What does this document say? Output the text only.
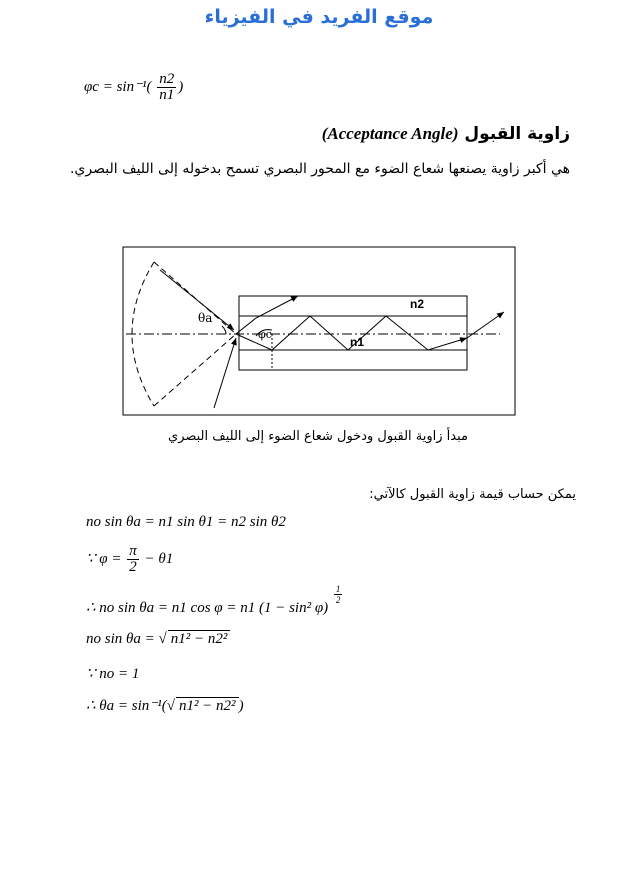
موقع الفريد في الفيزياء
$\varphi c = \sin^{-1}( \frac{n2}{n1}$ )
زاوية القبول (Acceptance Angle)
هي أكبر زاوية يصنعها شعاع الضوء مع المحور البصري تسمح بدخوله إلى الليف البصري.
n2
n1
θa
φc
مبدأ زاوية القبول ودخول شعاع الضوء إلى الليف البصري
يمكن حساب قيمة زاوية القبول كالآتي:
no sin θa = n1 sin θ1 = n2 sin θ2
∵ $\varphi = \frac{\pi}{2} - \theta 1$
∴ no sin θa = n1 cos φ = n1 (1 − sin² φ)
$\frac{1}{2}$
no sin θa = √ n1² − n2²
∵ no = 1
∴ θa = sin⁻¹(√ n1² − n2² )
